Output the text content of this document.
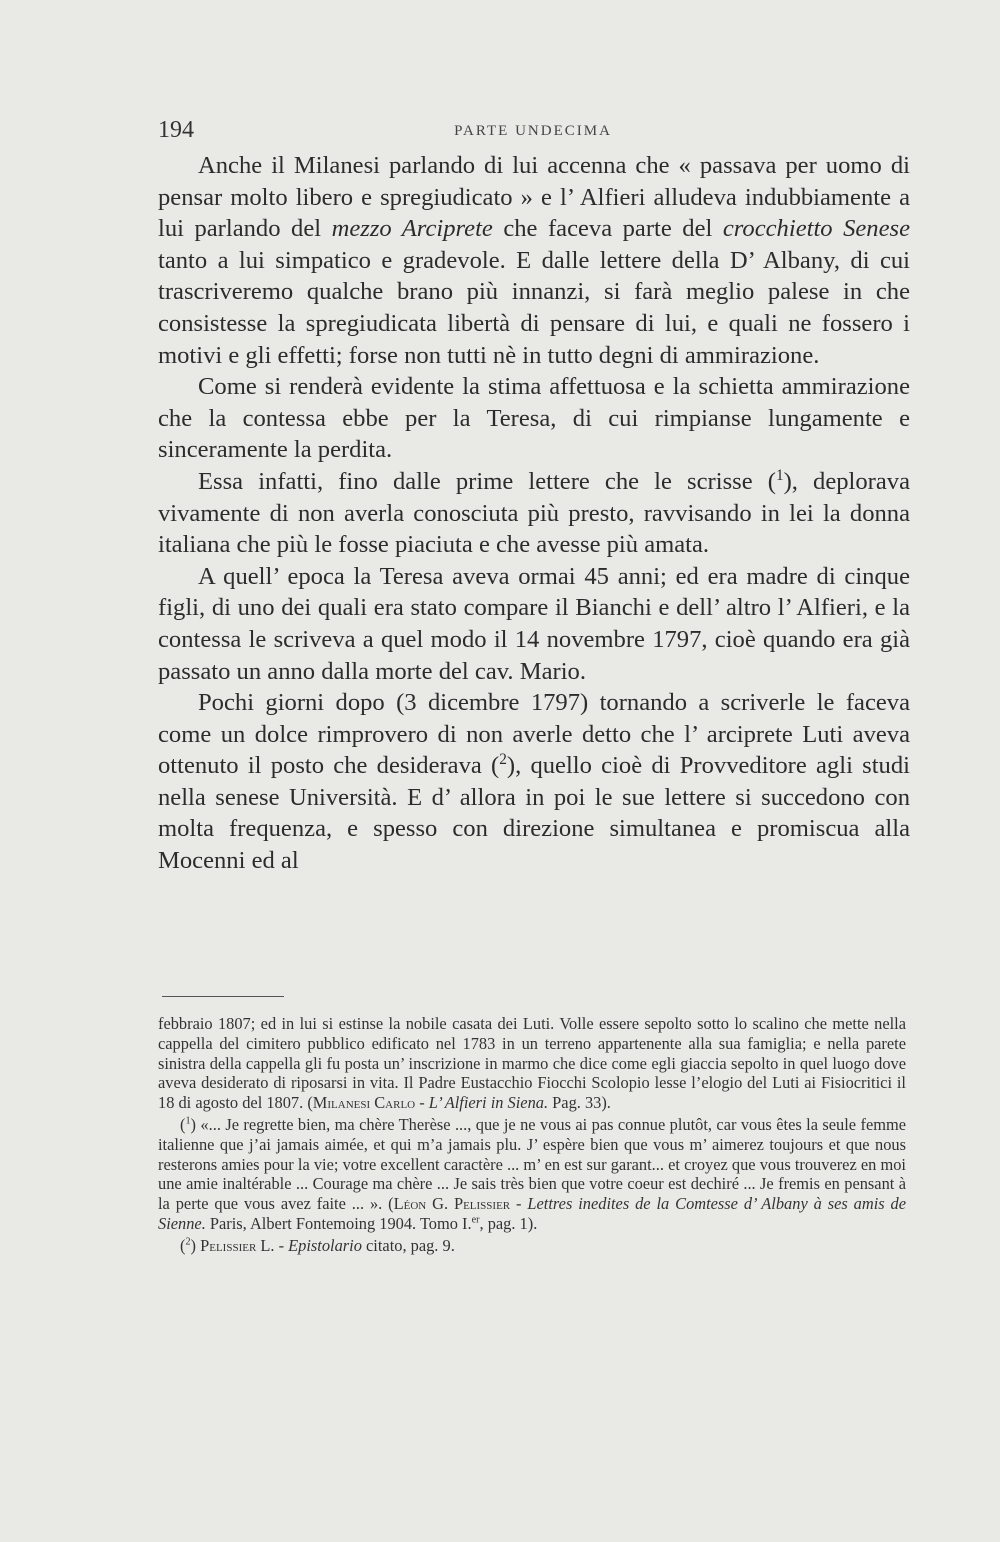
194	PARTE UNDECIMA

Anche il Milanesi parlando di lui accenna che « passava per uomo di pensar molto libero e spregiudicato » e l’ Alfieri alludeva indubbiamente a lui parlando del mezzo Arciprete che faceva parte del crocchietto Senese tanto a lui simpatico e gradevole. E dalle lettere della D’ Albany, di cui trascriveremo qualche brano più innanzi, si farà meglio palese in che consistesse la spregiudicata libertà di pensare di lui, e quali ne fossero i motivi e gli effetti; forse non tutti nè in tutto degni di ammirazione.

Come si renderà evidente la stima affettuosa e la schietta ammirazione che la contessa ebbe per la Teresa, di cui rimpianse lungamente e sinceramente la perdita.

Essa infatti, fino dalle prime lettere che le scrisse ($^1$), deplorava vivamente di non averla conosciuta più presto, ravvisando in lei la donna italiana che più le fosse piaciuta e che avesse più amata.

A quell’ epoca la Teresa aveva ormai 45 anni; ed era madre di cinque figli, di uno dei quali era stato compare il Bianchi e dell’ altro l’ Alfieri, e la contessa le scriveva a quel modo il 14 novembre 1797, cioè quando era già passato un anno dalla morte del cav. Mario.

Pochi giorni dopo (3 dicembre 1797) tornando a scriverle le faceva come un dolce rimprovero di non averle detto che l’ arciprete Luti aveva ottenuto il posto che desiderava ($^2$), quello cioè di Provveditore agli studi nella senese Università. E d’ allora in poi le sue lettere si succedono con molta frequenza, e spesso con direzione simultanea e promiscua alla Mocenni ed al

febbraio 1807; ed in lui si estinse la nobile casata dei Luti. Volle essere sepolto sotto lo scalino che mette nella cappella del cimitero pubblico edificato nel 1783 in un terreno appartenente alla sua famiglia; e nella parete sinistra della cappella gli fu posta un’ inscrizione in marmo che dice come egli giaccia sepolto in quel luogo dove aveva desiderato di riposarsi in vita. Il Padre Eustacchio Fiocchi Scolopio lesse l’elogio del Luti ai Fisiocritici il 18 di agosto del 1807. (Milanesi Carlo - L’ Alfieri in Siena. Pag. 33).

($^1$) «... Je regrette bien, ma chère Therèse ..., que je ne vous ai pas connue plutôt, car vous êtes la seule femme italienne que j’ai jamais aimée, et qui m’a jamais plu. J’ espère bien que vous m’ aimerez toujours et que nous resterons amies pour la vie; votre excellent caractère ... m’ en est sur garant... et croyez que vous trouverez en moi une amie inaltérable ... Courage ma chère ... Je sais très bien que votre coeur est dechiré ... Je fremis en pensant à la perte que vous avez faite ... ». (Léon G. Pelissier - Lettres inedites de la Comtesse d’ Albany à ses amis de Sienne. Paris, Albert Fontemoing 1904. Tomo I.$^{er}$, pag. 1).

($^2$) Pelissier L. - Epistolario citato, pag. 9.
